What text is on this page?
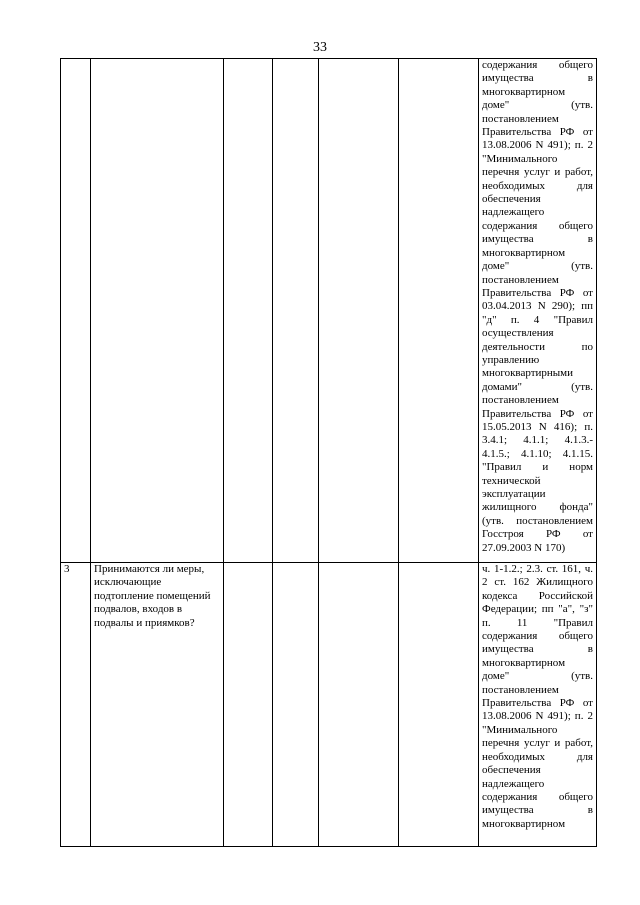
33

						содержания общего имущества в многоквартирном доме" (утв. постановлением Правительства РФ от 13.08.2006 N 491); п. 2 "Минимального перечня услуг и работ, необходимых для обеспечения надлежащего содержания общего имущества в многоквартирном доме" (утв. постановлением Правительства РФ от 03.04.2013 N 290); пп "д" п. 4 "Правил осуществления деятельности по управлению многоквартирными домами" (утв. постановлением Правительства РФ от 15.05.2013 N 416); п. 3.4.1; 4.1.1; 4.1.3.- 4.1.5.; 4.1.10; 4.1.15. "Правил и норм технической эксплуатации жилищного фонда" (утв. постановлением Госстроя РФ от 27.09.2003 N 170)

3	Принимаются ли меры, исключающие подтопление помещений подвалов, входов в подвалы и приямков?					ч. 1-1.2.; 2.3. ст. 161, ч. 2 ст. 162 Жилищного кодекса Российской Федерации; пп "а", "з" п. 11 "Правил содержания общего имущества в многоквартирном доме" (утв. постановлением Правительства РФ от 13.08.2006 N 491); п. 2 "Минимального перечня услуг и работ, необходимых для обеспечения надлежащего содержания общего имущества в многоквартирном
